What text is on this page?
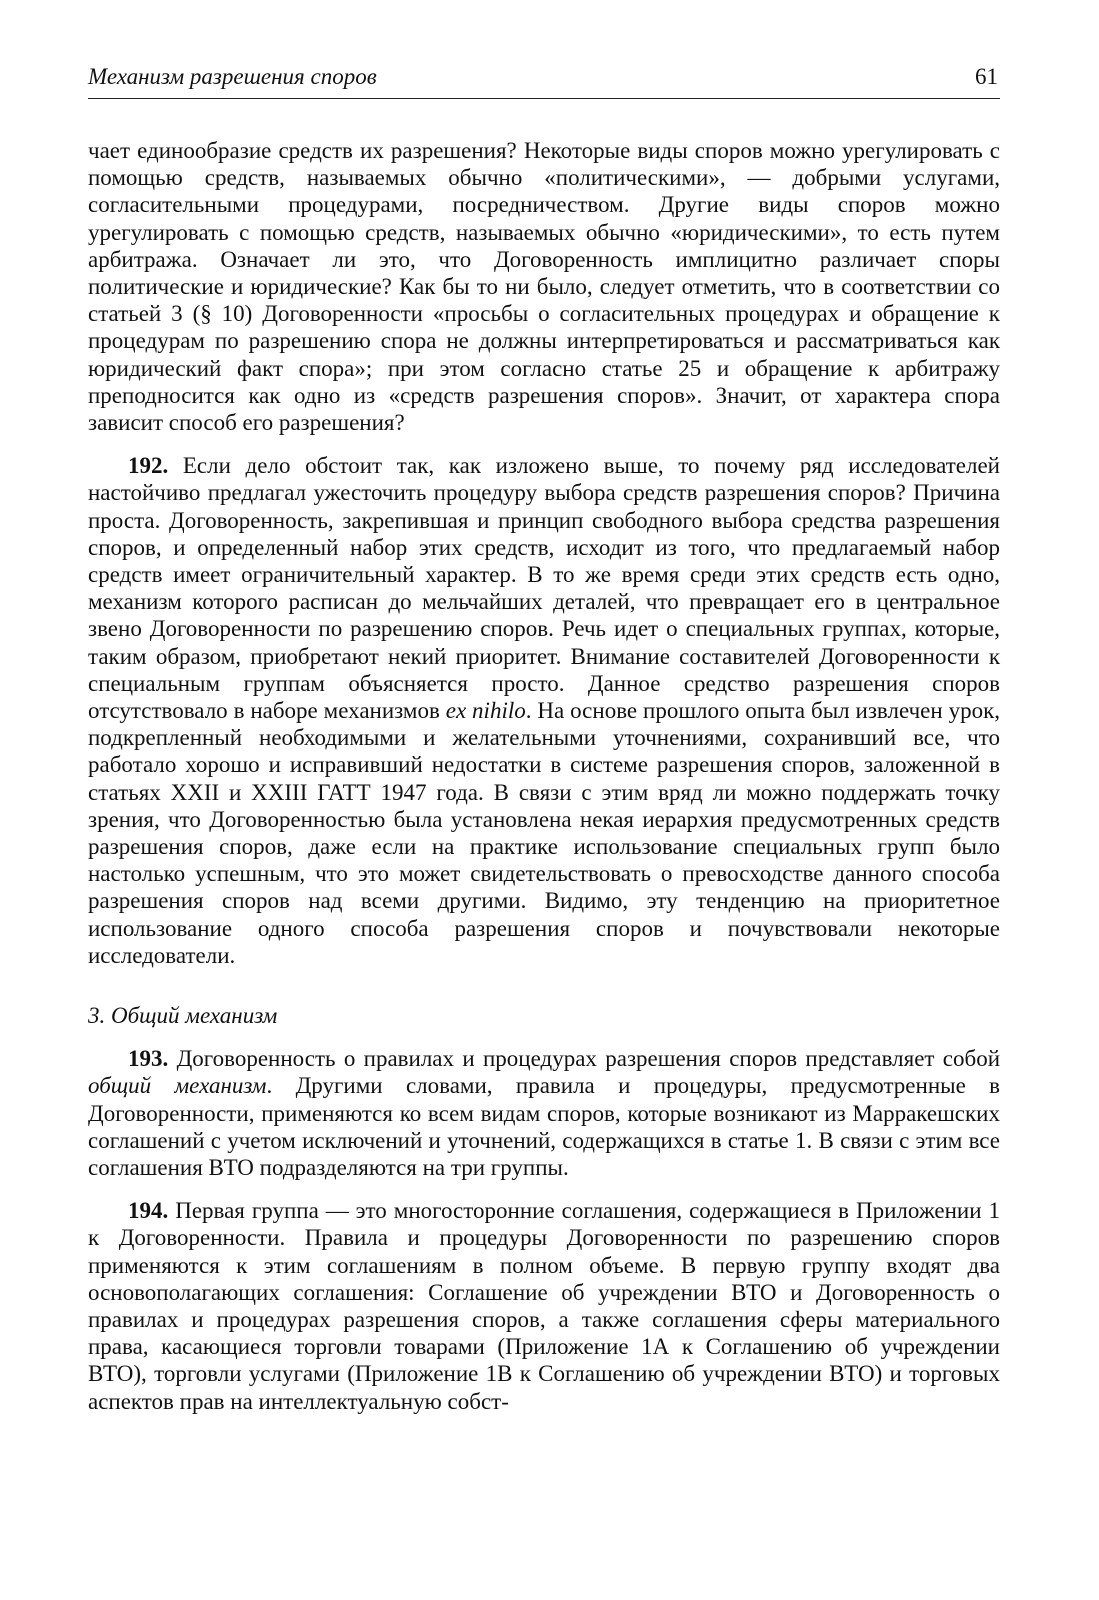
Механизм разрешения споров	61

чает единообразие средств их разрешения? Некоторые виды споров можно урегулировать с помощью средств, называемых обычно «политическими», — добрыми услугами, согласительными процедурами, посредничеством. Другие виды споров можно урегулировать с помощью средств, называемых обычно «юридическими», то есть путем арбитража. Означает ли это, что Договоренность имплицитно различает споры политические и юридические? Как бы то ни было, следует отметить, что в соответствии со статьей 3 (§ 10) Договоренности «просьбы о согласительных процедурах и обращение к процедурам по разрешению спора не должны интерпретироваться и рассматриваться как юридический факт спора»; при этом согласно статье 25 и обращение к арбитражу преподносится как одно из «средств разрешения споров». Значит, от характера спора зависит способ его разрешения?

192. Если дело обстоит так, как изложено выше, то почему ряд исследователей настойчиво предлагал ужесточить процедуру выбора средств разрешения споров? Причина проста. Договоренность, закрепившая и принцип свободного выбора средства разрешения споров, и определенный набор этих средств, исходит из того, что предлагаемый набор средств имеет ограничительный характер. В то же время среди этих средств есть одно, механизм которого расписан до мельчайших деталей, что превращает его в центральное звено Договоренности по разрешению споров. Речь идет о специальных группах, которые, таким образом, приобретают некий приоритет. Внимание составителей Договоренности к специальным группам объясняется просто. Данное средство разрешения споров отсутствовало в наборе механизмов ex nihilo. На основе прошлого опыта был извлечен урок, подкрепленный необходимыми и желательными уточнениями, сохранивший все, что работало хорошо и исправивший недостатки в системе разрешения споров, заложенной в статьях XXII и XXIII ГАТТ 1947 года. В связи с этим вряд ли можно поддержать точку зрения, что Договоренностью была установлена некая иерархия предусмотренных средств разрешения споров, даже если на практике использование специальных групп было настолько успешным, что это может свидетельствовать о превосходстве данного способа разрешения споров над всеми другими. Видимо, эту тенденцию на приоритетное использование одного способа разрешения споров и почувствовали некоторые исследователи.

3. Общий механизм

193. Договоренность о правилах и процедурах разрешения споров представляет собой общий механизм. Другими словами, правила и процедуры, предусмотренные в Договоренности, применяются ко всем видам споров, которые возникают из Марракешских соглашений с учетом исключений и уточнений, содержащихся в статье 1. В связи с этим все соглашения ВТО подразделяются на три группы.

194. Первая группа — это многосторонние соглашения, содержащиеся в Приложении 1 к Договоренности. Правила и процедуры Договоренности по разрешению споров применяются к этим соглашениям в полном объеме. В первую группу входят два основополагающих соглашения: Соглашение об учреждении ВТО и Договоренность о правилах и процедурах разрешения споров, а также соглашения сферы материального права, касающиеся торговли товарами (Приложение 1А к Соглашению об учреждении ВТО), торговли услугами (Приложение 1В к Соглашению об учреждении ВТО) и торговых аспектов прав на интеллектуальную собст-
